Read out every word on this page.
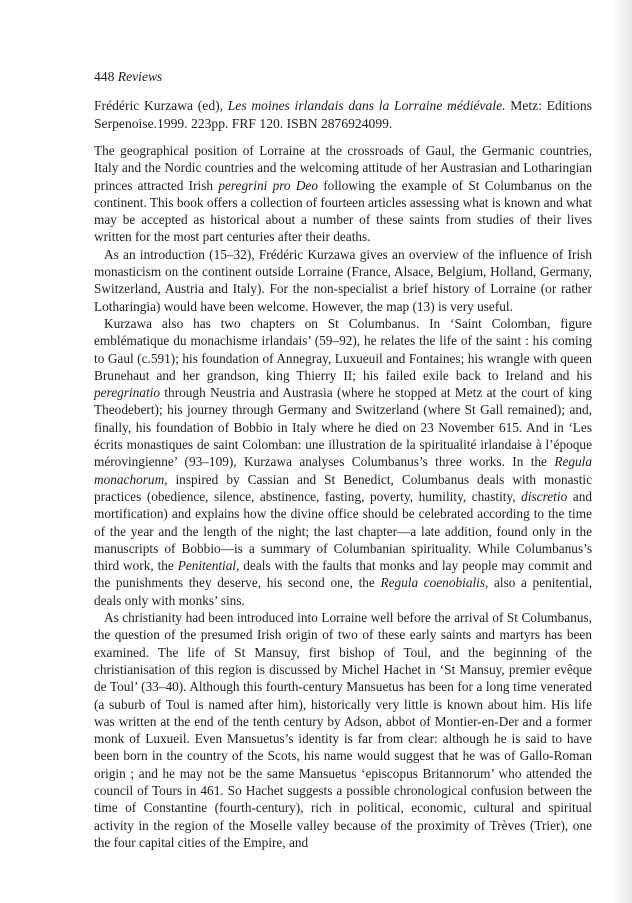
448 Reviews
Frédéric Kurzawa (ed), Les moines irlandais dans la Lorraine médiévale. Metz: Editions Serpenoise.1999. 223pp. FRF 120. ISBN 2876924099.

The geographical position of Lorraine at the crossroads of Gaul, the Germanic countries, Italy and the Nordic countries and the welcoming attitude of her Austrasian and Lotharingian princes attracted Irish peregrini pro Deo following the example of St Columbanus on the continent. This book offers a collection of fourteen articles assessing what is known and what may be accepted as historical about a number of these saints from studies of their lives written for the most part centuries after their deaths.

As an introduction (15–32), Frédéric Kurzawa gives an overview of the influence of Irish monasticism on the continent outside Lorraine (France, Alsace, Belgium, Holland, Germany, Switzerland, Austria and Italy). For the non-specialist a brief history of Lorraine (or rather Lotharingia) would have been welcome. However, the map (13) is very useful.

Kurzawa also has two chapters on St Columbanus. In ‘Saint Colomban, figure emblématique du monachisme irlandais’ (59–92), he relates the life of the saint : his coming to Gaul (c.591); his foundation of Annegray, Luxueuil and Fontaines; his wrangle with queen Brunehaut and her grandson, king Thierry II; his failed exile back to Ireland and his peregrinatio through Neustria and Austrasia (where he stopped at Metz at the court of king Theodebert); his journey through Germany and Switzerland (where St Gall remained); and, finally, his foundation of Bobbio in Italy where he died on 23 November 615. And in ‘Les écrits monastiques de saint Colomban: une illustration de la spiritualité irlandaise à l’époque mérovingienne’ (93–109), Kurzawa analyses Columbanus’s three works. In the Regula monachorum, inspired by Cassian and St Benedict, Columbanus deals with monastic practices (obedience, silence, abstinence, fasting, poverty, humility, chastity, discretio and mortification) and explains how the divine office should be celebrated according to the time of the year and the length of the night; the last chapter—a late addition, found only in the manuscripts of Bobbio—is a summary of Columbanian spirituality. While Columbanus’s third work, the Penitential, deals with the faults that monks and lay people may commit and the punishments they deserve, his second one, the Regula coenobialis, also a penitential, deals only with monks’ sins.

As christianity had been introduced into Lorraine well before the arrival of St Columbanus, the question of the presumed Irish origin of two of these early saints and martyrs has been examined. The life of St Mansuy, first bishop of Toul, and the beginning of the christianisation of this region is discussed by Michel Hachet in ‘St Mansuy, premier evêque de Toul’ (33–40). Although this fourth-century Mansuetus has been for a long time venerated (a suburb of Toul is named after him), historically very little is known about him. His life was written at the end of the tenth century by Adson, abbot of Montier-en-Der and a former monk of Luxueil. Even Mansuetus’s identity is far from clear: although he is said to have been born in the country of the Scots, his name would suggest that he was of Gallo-Roman origin ; and he may not be the same Mansuetus ‘episcopus Britannorum’ who attended the council of Tours in 461. So Hachet suggests a possible chronological confusion between the time of Constantine (fourth-century), rich in political, economic, cultural and spiritual activity in the region of the Moselle valley because of the proximity of Trèves (Trier), one the four capital cities of the Empire, and
